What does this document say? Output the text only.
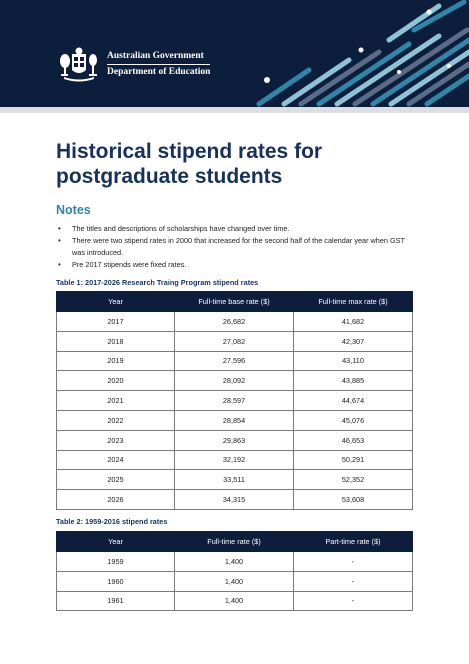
Australian Government
Department of Education
Historical stipend rates for postgraduate students
Notes
• The titles and descriptions of scholarships have changed over time.
• There were two stipend rates in 2000 that increased for the second half of the calendar year when GST was introduced.
• Pre 2017 stipends were fixed rates.
Table 1: 2017-2026 Research Traing Program stipend rates
Year	Full-time base rate ($)	Full-time max rate ($)
2017	26,682	41,682
2018	27,082	42,307
2019	27,596	43,110
2020	28,092	43,885
2021	28,597	44,674
2022	28,854	45,076
2023	29,863	46,653
2024	32,192	50,291
2025	33,511	52,352
2026	34,315	53,608
Table 2: 1959-2016 stipend rates
Year	Full-time rate ($)	Part-time rate ($)
1959	1,400	-
1960	1,400	-
1961	1,400	-
